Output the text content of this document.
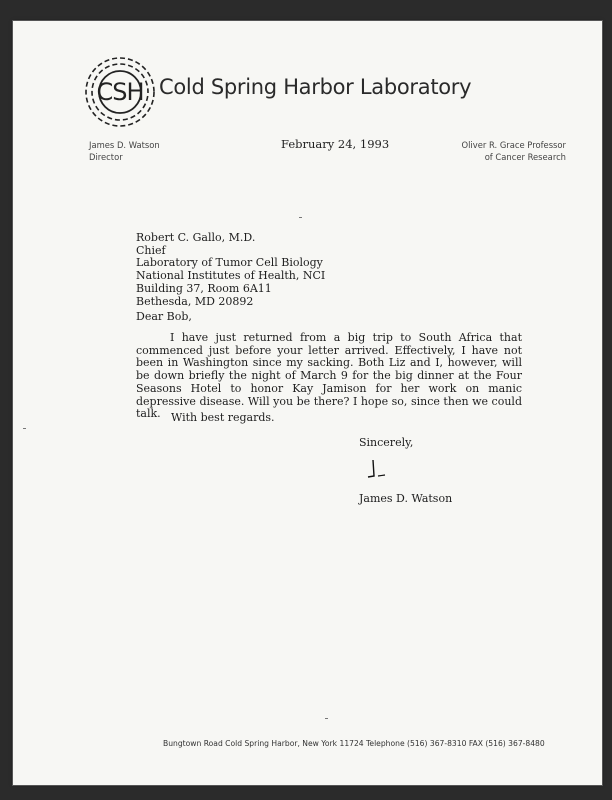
CSH Cold Spring Harbor Laboratory
James D. Watson
Director
February 24, 1993	Oliver R. Grace Professor
of Cancer Research
Robert C. Gallo, M.D.
Chief
Laboratory of Tumor Cell Biology
National Institutes of Health, NCI
Building 37, Room 6A11
Bethesda, MD 20892
Dear Bob,

I have just returned from a big trip to South Africa that commenced just before your letter arrived. Effectively, I have not been in Washington since my sacking. Both Liz and I, however, will be down briefly the night of March 9 for the big dinner at the Four Seasons Hotel to honor Kay Jamison for her work on manic depressive disease. Will you be there? I hope so, since then we could talk. With best regards.
Sincerely,
James D. Watson
Bungtown Road Cold Spring Harbor, New York 11724 Telephone (516) 367-8310 FAX (516) 367-8480
